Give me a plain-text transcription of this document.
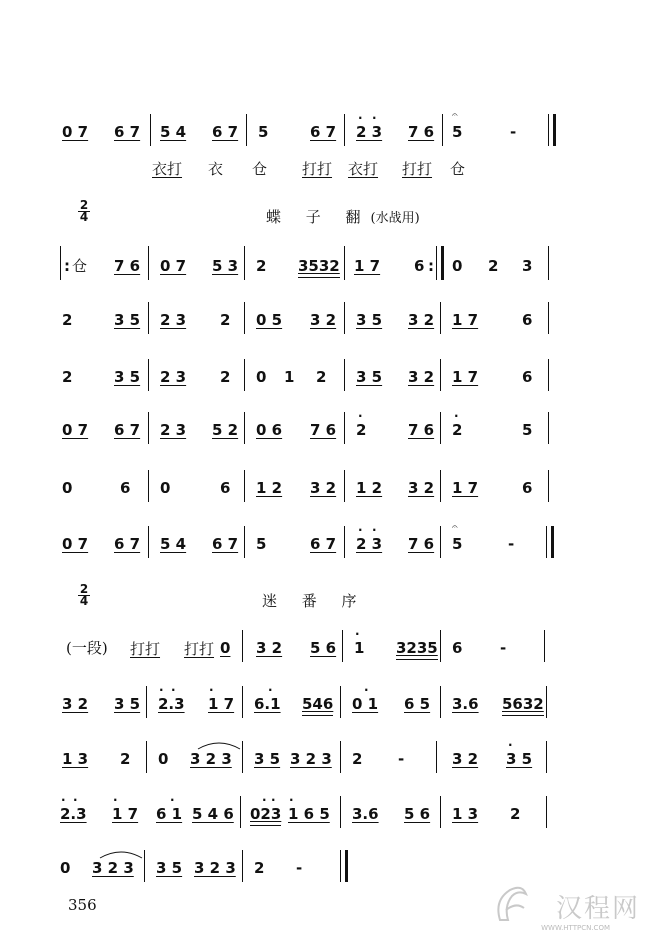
0 7 6 7 5 4 6 7 5	6 7 2 3
· ·
7 6
𝄐
5	-
衣打 衣 仓 打打 衣打 打打 仓
2
4	蝶 子 翻(水战用)
: 仓 7 6 0 7 5 3 2 3532 1 7 6 : 0 2 3
2	3 5 2 3 2 0 5 3 2 3 5 3 2 1 7	6
2	3 5 2 3 2 0 1 2 3 5 3 2 1 7	6
0 7 6 7 2 3 5 2 0 6 7 6 2
·
7 6 2
·
5
0	6 0	6 1 2 3 2 1 2 3 2 1 7	6
0 7 6 7 5 4 6 7 5	6 7 2 3
· ·
7 6
𝄐
5	-
2
4	迷 番 序
(一段) 打打 打打 0 3 2 5 6 1
·
3235 6	-
3 2 3 5 2.3
· ·
1 7
·
6.1
·
546 0 1
·
6 5 3.6 5632
1 3 2 0 3 2 3 3 5 3 2 3 2 -	3 2 3 5
·
2.3
· ·
1 7
·
6 1
·
5 4 6 023
· ·
1 6 5
·
3.6 5 6 1 3 2
0 3 2 3 3 5 3 2 3 2 -
356	汉程网
WWW.HTTPCN.COM
